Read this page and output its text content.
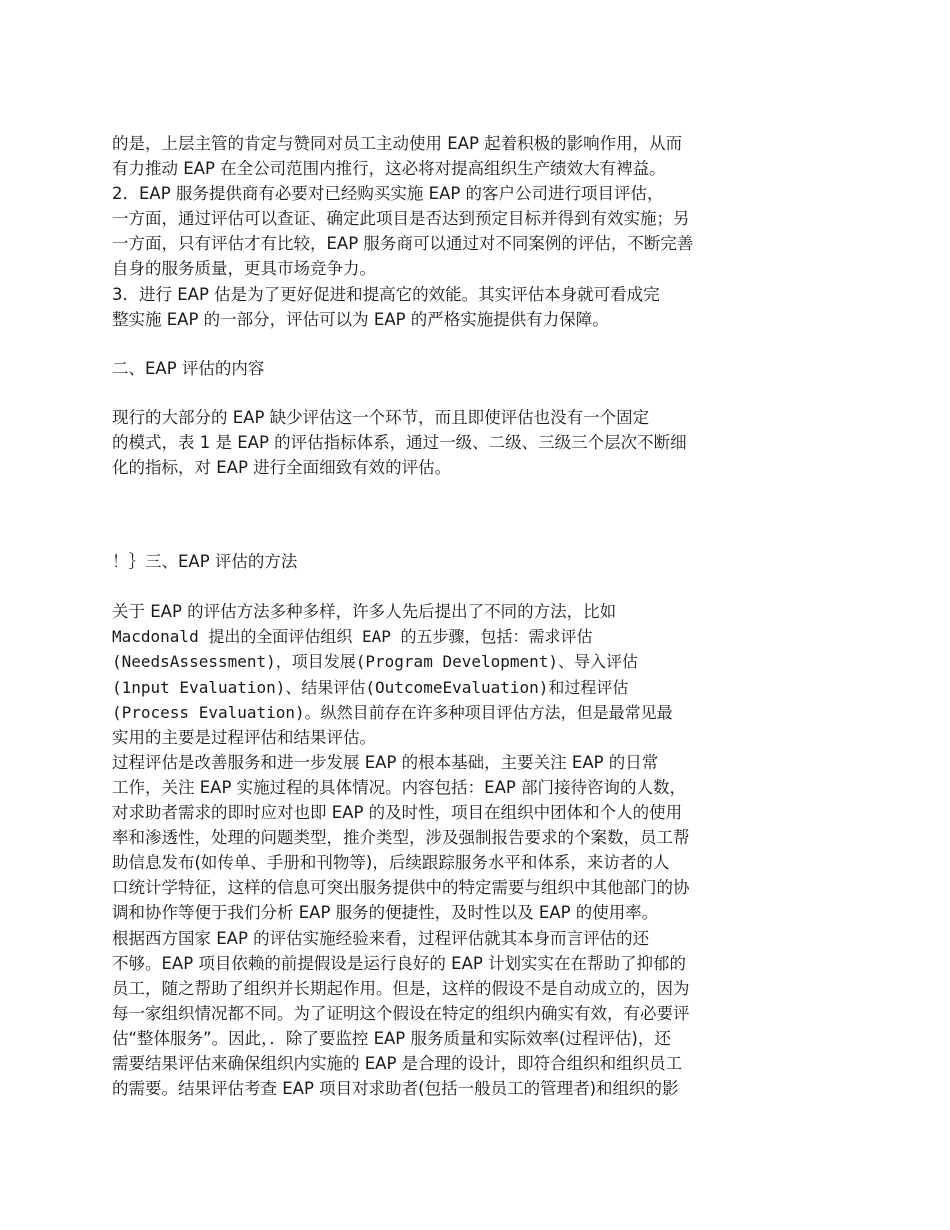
的是，上层主管的肯定与赞同对员工主动使用 EAP 起着积极的影响作用，从而
有力推动 EAP 在全公司范围内推行，这必将对提高组织生产绩效大有裨益。
2．EAP 服务提供商有必要对已经购买实施 EAP 的客户公司进行项目评估，
一方面，通过评估可以查证、确定此项目是否达到预定目标并得到有效实施；另
一方面，只有评估才有比较，EAP 服务商可以通过对不同案例的评估，不断完善
自身的服务质量，更具市场竞争力。
3．进行 EAP 估是为了更好促进和提高它的效能。其实评估本身就可看成完
整实施 EAP 的一部分，评估可以为 EAP 的严格实施提供有力保障。
二、EAP 评估的内容
现行的大部分的 EAP 缺少评估这一个环节，而且即使评估也没有一个固定
的模式，表 1 是 EAP 的评估指标体系，通过一级、二级、三级三个层次不断细
化的指标，对 EAP 进行全面细致有效的评估。
！｝三、EAP 评估的方法
关于 EAP 的评估方法多种多样，许多人先后提出了不同的方法，比如
Macdonald 提出的全面评估组织 EAP 的五步骤，包括：需求评估
(NeedsAssessment)，项目发展(Program Development)、导入评估
(1nput Evaluation)、结果评估(OutcomeEvaluation)和过程评估
(Process Evaluation)。纵然目前存在许多种项目评估方法，但是最常见最
实用的主要是过程评估和结果评估。
过程评估是改善服务和进一步发展 EAP 的根本基础，主要关注 EAP 的日常
工作，关注 EAP 实施过程的具体情况。内容包括：EAP 部门接待咨询的人数，
对求助者需求的即时应对也即 EAP 的及时性，项目在组织中团体和个人的使用
率和渗透性，处理的问题类型，推介类型，涉及强制报告要求的个案数，员工帮
助信息发布(如传单、手册和刊物等)，后续跟踪服务水平和体系，来访者的人
口统计学特征，这样的信息可突出服务提供中的特定需要与组织中其他部门的协
调和协作等便于我们分析 EAP 服务的便捷性，及时性以及 EAP 的使用率。
根据西方国家 EAP 的评估实施经验来看，过程评估就其本身而言评估的还
不够。EAP 项目依赖的前提假设是运行良好的 EAP 计划实实在在帮助了抑郁的
员工，随之帮助了组织并长期起作用。但是，这样的假设不是自动成立的，因为
每一家组织情况都不同。为了证明这个假设在特定的组织内确实有效，有必要评
估“整体服务”。因此，．除了要监控 EAP 服务质量和实际效率(过程评估)，还
需要结果评估来确保组织内实施的 EAP 是合理的设计，即符合组织和组织员工
的需要。结果评估考查 EAP 项目对求助者(包括一般员工的管理者)和组织的影
